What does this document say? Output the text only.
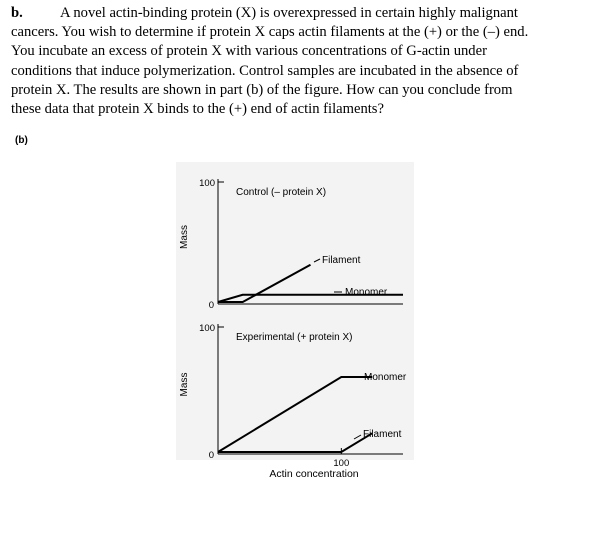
b.	A novel actin-binding protein (X) is overexpressed in certain highly malignant
cancers. You wish to determine if protein X caps actin filaments at the (+) or the (–) end.
You incubate an excess of protein X with various concentrations of G-actin under
conditions that induce polymerization. Control samples are incubated in the absence of
protein X. The results are shown in part (b) of the figure. How can you conclude from
these data that protein X binds to the (+) end of actin filaments?
(b)
100
0
Mass
Control (– protein X)
Filament
Monomer
100
0
100
Mass
Actin concentration
Experimental (+ protein X)
Monomer
Filament
